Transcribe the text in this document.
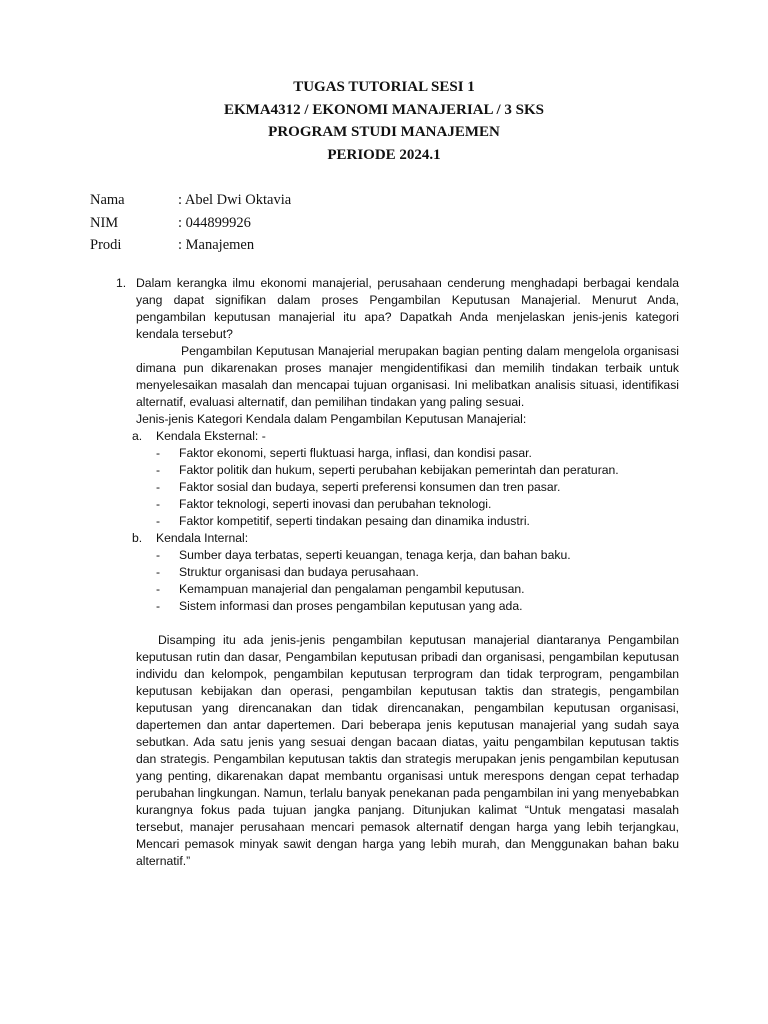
TUGAS TUTORIAL SESI 1
EKMA4312 / EKONOMI MANAJERIAL / 3 SKS
PROGRAM STUDI MANAJEMEN
PERIODE 2024.1
Nama	: Abel Dwi Oktavia
NIM	: 044899926
Prodi	: Manajemen
1. Dalam kerangka ilmu ekonomi manajerial, perusahaan cenderung menghadapi berbagai kendala yang dapat signifikan dalam proses Pengambilan Keputusan Manajerial. Menurut Anda, pengambilan keputusan manajerial itu apa? Dapatkah Anda menjelaskan jenis-jenis kategori kendala tersebut?
Pengambilan Keputusan Manajerial merupakan bagian penting dalam mengelola organisasi dimana pun dikarenakan proses manajer mengidentifikasi dan memilih tindakan terbaik untuk menyelesaikan masalah dan mencapai tujuan organisasi. Ini melibatkan analisis situasi, identifikasi alternatif, evaluasi alternatif, dan pemilihan tindakan yang paling sesuai.
Jenis-jenis Kategori Kendala dalam Pengambilan Keputusan Manajerial:
a.	Kendala Eksternal: -
-	Faktor ekonomi, seperti fluktuasi harga, inflasi, dan kondisi pasar.
-	Faktor politik dan hukum, seperti perubahan kebijakan pemerintah dan peraturan.
-	Faktor sosial dan budaya, seperti preferensi konsumen dan tren pasar.
-	Faktor teknologi, seperti inovasi dan perubahan teknologi.
-	Faktor kompetitif, seperti tindakan pesaing dan dinamika industri.
b.	Kendala Internal:
-	Sumber daya terbatas, seperti keuangan, tenaga kerja, dan bahan baku.
-	Struktur organisasi dan budaya perusahaan.
-	Kemampuan manajerial dan pengalaman pengambil keputusan.
-	Sistem informasi dan proses pengambilan keputusan yang ada.
Disamping itu ada jenis-jenis pengambilan keputusan manajerial diantaranya Pengambilan keputusan rutin dan dasar, Pengambilan keputusan pribadi dan organisasi, pengambilan keputusan individu dan kelompok, pengambilan keputusan terprogram dan tidak terprogram, pengambilan keputusan kebijakan dan operasi, pengambilan keputusan taktis dan strategis, pengambilan keputusan yang direncanakan dan tidak direncanakan, pengambilan keputusan organisasi, dapertemen dan antar dapertemen. Dari beberapa jenis keputusan manajerial yang sudah saya sebutkan. Ada satu jenis yang sesuai dengan bacaan diatas, yaitu pengambilan keputusan taktis dan strategis. Pengambilan keputusan taktis dan strategis merupakan jenis pengambilan keputusan yang penting, dikarenakan dapat membantu organisasi untuk merespons dengan cepat terhadap perubahan lingkungan. Namun, terlalu banyak penekanan pada pengambilan ini yang menyebabkan kurangnya fokus pada tujuan jangka panjang. Ditunjukan kalimat “Untuk mengatasi masalah tersebut, manajer perusahaan mencari pemasok alternatif dengan harga yang lebih terjangkau, Mencari pemasok minyak sawit dengan harga yang lebih murah, dan Menggunakan bahan baku alternatif.”
